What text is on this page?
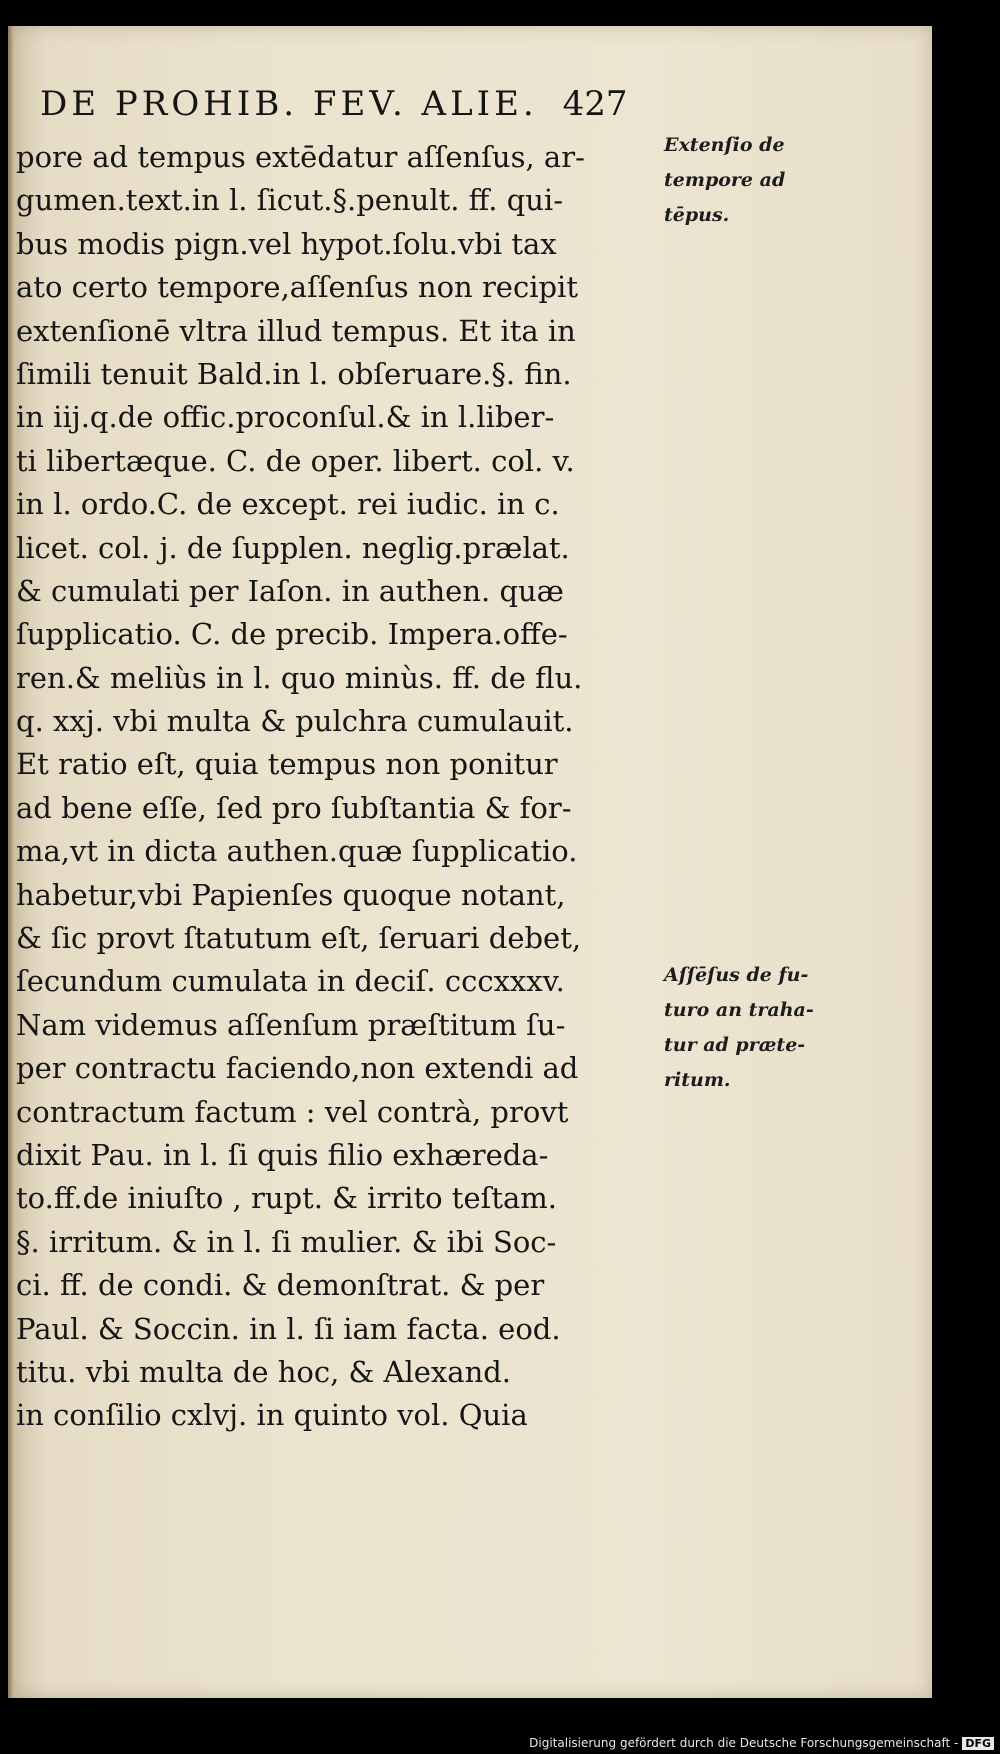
DE PROHIB. FEV. ALIE. 427
pore ad tempus extēdatur aſſenſus, ar-
gumen.text.in l. ſicut.§.penult. ff. qui-
bus modis pign.vel hypot.ſolu.vbi tax
ato certo tempore,aſſenſus non recipit
extenſionē vltra illud tempus. Et ita in
ſimili tenuit Bald.in l. obſeruare.§. fin.
in iij.q.de offic.proconſul.& in l.liber-
ti libertæque. C. de oper. libert. col. v.
in l. ordo.C. de except. rei iudic. in c.
licet. col. j. de ſupplen. neglig.prælat.
& cumulati per Iaſon. in authen. quæ
ſupplicatio. C. de precib. Impera.offe-
ren.& meliùs in l. quo minùs. ff. de flu.
q. xxj. vbi multa & pulchra cumulauit.
Et ratio eſt, quia tempus non ponitur
ad bene eſſe, ſed pro ſubſtantia & for-
ma,vt in dicta authen.quæ ſupplicatio.
habetur,vbi Papienſes quoque notant,
& ſic provt ſtatutum eſt, ſeruari debet,
ſecundum cumulata in deciſ. cccxxxv.
Nam videmus aſſenſum præſtitum ſu-
per contractu faciendo,non extendi ad
contractum factum : vel contrà, provt
dixit Pau. in l. ſi quis filio exhæreda-
to.ff.de iniuſto , rupt. & irrito teſtam.
§. irritum. & in l. ſi mulier. & ibi Soc-
ci. ff. de condi. & demonſtrat. & per
Paul. & Soccin. in l. ſi iam facta. eod.
titu. vbi multa de hoc, & Alexand.
in conſilio cxlvj. in quinto vol. Quia
Extenſio de
tempore ad
tēpus.
Aſſēſus de fu-
turo an traha-
tur ad præte-
ritum.
Digitalisierung gefördert durch die Deutsche Forschungsgemeinschaft - DFG
